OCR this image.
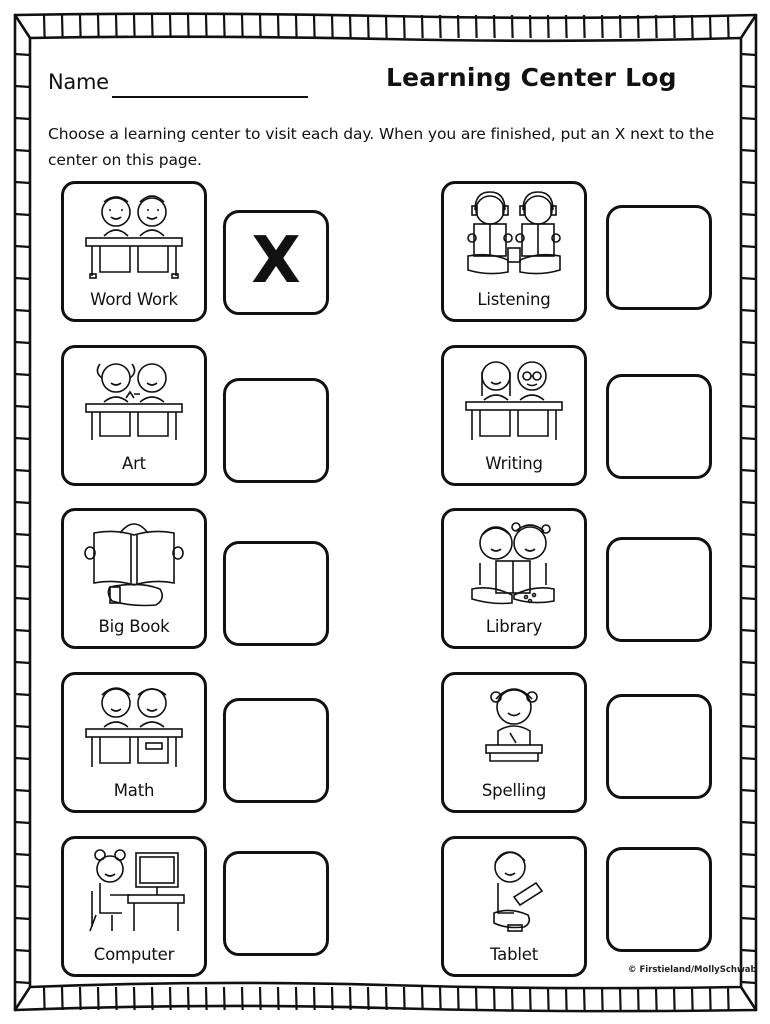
Name	Learning Center Log
Choose a learning center to visit each day. When you are finished, put an X next to the center on this page.
Word Work
X
Listening
Art	Writing
Big Book	Library
Math	Spelling
Computer	Tablet
© Firstieland/MollySchwab
